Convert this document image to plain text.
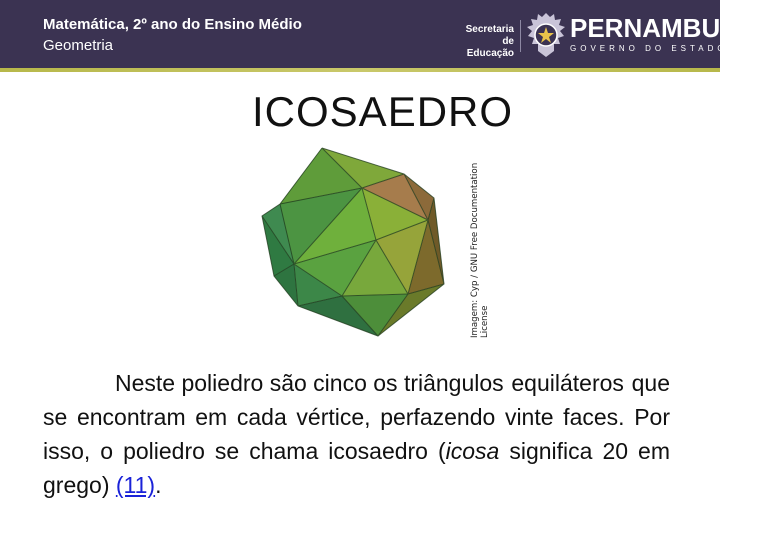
Matemática, 2º ano do Ensino Médio
Geometria
Secretaria de
Educação
PERNAMBUCO
GOVERNO DO ESTADO
ICOSAEDRO
Imagem: Cyp / GNU Free Documentation License
Neste poliedro são cinco os triângulos equiláteros que se encontram em cada vértice, perfazendo vinte faces. Por isso, o poliedro se chama icosaedro (icosa significa 20 em grego) (11).
